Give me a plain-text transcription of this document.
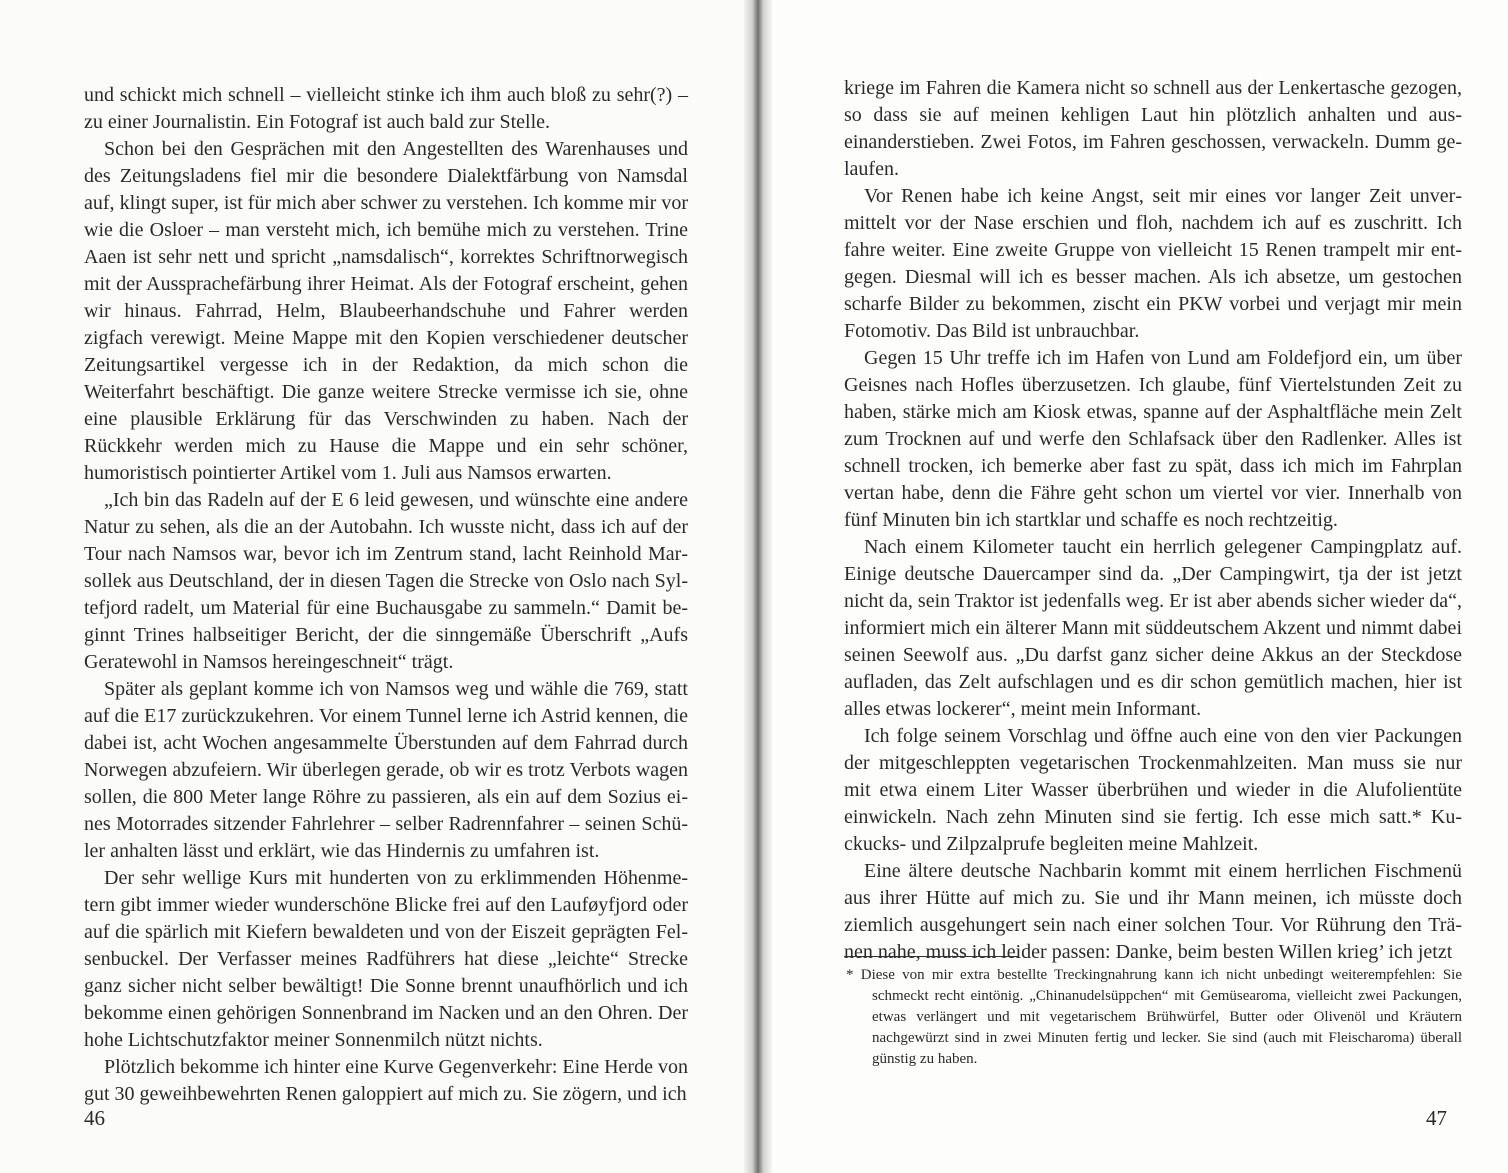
und schickt mich schnell – vielleicht stinke ich ihm auch bloß zu sehr(?) – zu einer Journalistin. Ein Fotograf ist auch bald zur Stelle.

Schon bei den Gesprächen mit den Angestellten des Warenhauses und des Zeitungsladens fiel mir die besondere Dialektfärbung von Namsdal auf, klingt super, ist für mich aber schwer zu verstehen. Ich komme mir vor wie die Osloer – man versteht mich, ich bemühe mich zu verstehen. Trine Aaen ist sehr nett und spricht „namsdalisch“, korrektes Schriftnorwegisch mit der Aussprachefärbung ihrer Heimat. Als der Fotograf erscheint, gehen wir hinaus. Fahrrad, Helm, Blaubeerhandschuhe und Fahrer werden zigfach verewigt. Meine Mappe mit den Kopien verschiedener deutscher Zeitungsartikel vergesse ich in der Redaktion, da mich schon die Weiterfahrt beschäftigt. Die ganze weitere Strecke vermisse ich sie, ohne eine plausible Erklärung für das Verschwinden zu haben. Nach der Rückkehr werden mich zu Hause die Mappe und ein sehr schöner, humoristisch pointierter Artikel vom 1. Juli aus Namsos erwarten.

„Ich bin das Radeln auf der E 6 leid gewesen, und wünschte eine andere Natur zu sehen, als die an der Autobahn. Ich wusste nicht, dass ich auf der Tour nach Namsos war, bevor ich im Zentrum stand, lacht Reinhold Marsollek aus Deutschland, der in diesen Tagen die Strecke von Oslo nach Syltefjord radelt, um Material für eine Buchausgabe zu sammeln.“ Damit beginnt Trines halbseitiger Bericht, der die sinngemäße Überschrift „Aufs Geratewohl in Namsos hereingeschneit“ trägt.

Später als geplant komme ich von Namsos weg und wähle die 769, statt auf die E17 zurückzukehren. Vor einem Tunnel lerne ich Astrid kennen, die dabei ist, acht Wochen angesammelte Überstunden auf dem Fahrrad durch Norwegen abzufeiern. Wir überlegen gerade, ob wir es trotz Verbots wagen sollen, die 800 Meter lange Röhre zu passieren, als ein auf dem Sozius eines Motorrades sitzender Fahrlehrer – selber Radrennfahrer – seinen Schüler anhalten lässt und erklärt, wie das Hindernis zu umfahren ist.

Der sehr wellige Kurs mit hunderten von zu erklimmenden Höhenmetern gibt immer wieder wunderschöne Blicke frei auf den Lauføyfjord oder auf die spärlich mit Kiefern bewaldeten und von der Eiszeit geprägten Felsenbuckel. Der Verfasser meines Radführers hat diese „leichte“ Strecke ganz sicher nicht selber bewältigt! Die Sonne brennt unaufhörlich und ich bekomme einen gehörigen Sonnenbrand im Nacken und an den Ohren. Der hohe Lichtschutzfaktor meiner Sonnenmilch nützt nichts.

Plötzlich bekomme ich hinter eine Kurve Gegenverkehr: Eine Herde von gut 30 geweihbewehrten Renen galoppiert auf mich zu. Sie zögern, und ich

46

kriege im Fahren die Kamera nicht so schnell aus der Lenkertasche gezogen, so dass sie auf meinen kehligen Laut hin plötzlich anhalten und auseinanderstieben. Zwei Fotos, im Fahren geschossen, verwackeln. Dumm gelaufen.

Vor Renen habe ich keine Angst, seit mir eines vor langer Zeit unvermittelt vor der Nase erschien und floh, nachdem ich auf es zuschritt. Ich fahre weiter. Eine zweite Gruppe von vielleicht 15 Renen trampelt mir entgegen. Diesmal will ich es besser machen. Als ich absetze, um gestochen scharfe Bilder zu bekommen, zischt ein PKW vorbei und verjagt mir mein Fotomotiv. Das Bild ist unbrauchbar.

Gegen 15 Uhr treffe ich im Hafen von Lund am Foldefjord ein, um über Geisnes nach Hofles überzusetzen. Ich glaube, fünf Viertelstunden Zeit zu haben, stärke mich am Kiosk etwas, spanne auf der Asphaltfläche mein Zelt zum Trocknen auf und werfe den Schlafsack über den Radlenker. Alles ist schnell trocken, ich bemerke aber fast zu spät, dass ich mich im Fahrplan vertan habe, denn die Fähre geht schon um viertel vor vier. Innerhalb von fünf Minuten bin ich startklar und schaffe es noch rechtzeitig.

Nach einem Kilometer taucht ein herrlich gelegener Campingplatz auf. Einige deutsche Dauercamper sind da. „Der Campingwirt, tja der ist jetzt nicht da, sein Traktor ist jedenfalls weg. Er ist aber abends sicher wieder da“, informiert mich ein älterer Mann mit süddeutschem Akzent und nimmt dabei seinen Seewolf aus. „Du darfst ganz sicher deine Akkus an der Steckdose aufladen, das Zelt aufschlagen und es dir schon gemütlich machen, hier ist alles etwas lockerer“, meint mein Informant.

Ich folge seinem Vorschlag und öffne auch eine von den vier Packungen der mitgeschleppten vegetarischen Trockenmahlzeiten. Man muss sie nur mit etwa einem Liter Wasser überbrühen und wieder in die Alufolientüte einwickeln. Nach zehn Minuten sind sie fertig. Ich esse mich satt.* Kuckucks- und Zilpzalprufe begleiten meine Mahlzeit.

Eine ältere deutsche Nachbarin kommt mit einem herrlichen Fischmenü aus ihrer Hütte auf mich zu. Sie und ihr Mann meinen, ich müsste doch ziemlich ausgehungert sein nach einer solchen Tour. Vor Rührung den Tränen nahe, muss ich leider passen: Danke, beim besten Willen krieg’ ich jetzt

* Diese von mir extra bestellte Treckingnahrung kann ich nicht unbedingt weiterempfehlen: Sie schmeckt recht eintönig. „Chinanudelsüppchen“ mit Gemüsearoma, vielleicht zwei Packungen, etwas verlängert und mit vegetarischem Brühwürfel, Butter oder Olivenöl und Kräutern nachgewürzt sind in zwei Minuten fertig und lecker. Sie sind (auch mit Fleischaroma) überall günstig zu haben.

47
